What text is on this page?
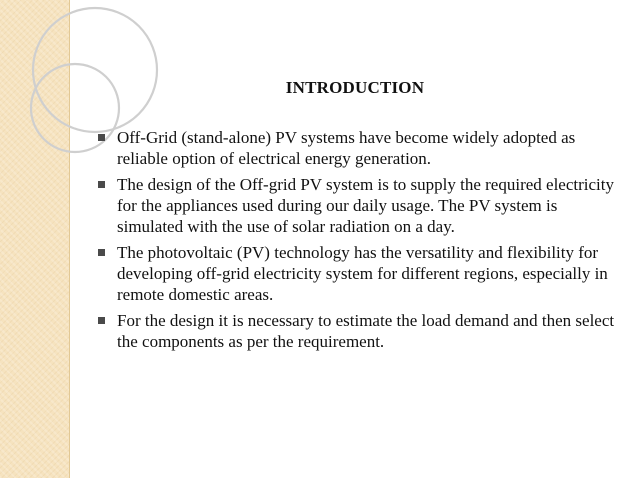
INTRODUCTION
Off-Grid (stand-alone) PV systems have become widely adopted as reliable option of electrical energy generation.
The design of the Off-grid PV system is to supply the required electricity for the appliances used during our daily usage. The PV system is simulated with the use of solar radiation on a day.
The photovoltaic (PV) technology has the versatility and flexibility for developing off-grid electricity system for different regions, especially in remote domestic areas.
For the design it is necessary to estimate the load demand and then select the components as per the requirement.
